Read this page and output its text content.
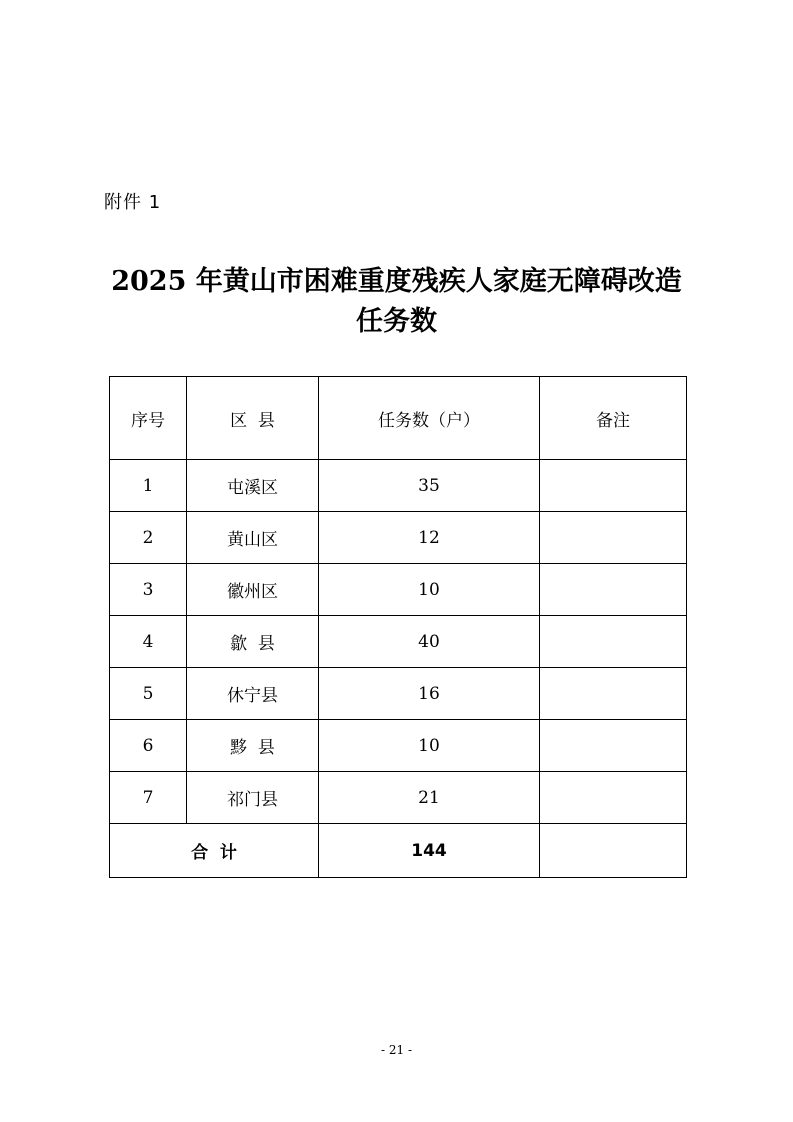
附件 1
2025 年黄山市困难重度残疾人家庭无障碍改造
任务数
序号	区  县	任务数（户）	备注
1	屯溪区	35	
2	黄山区	12	
3	徽州区	10	
4	歙  县	40	
5	休宁县	16	
6	黟  县	10	
7	祁门县	21	
合  计		144	
- 21 -
